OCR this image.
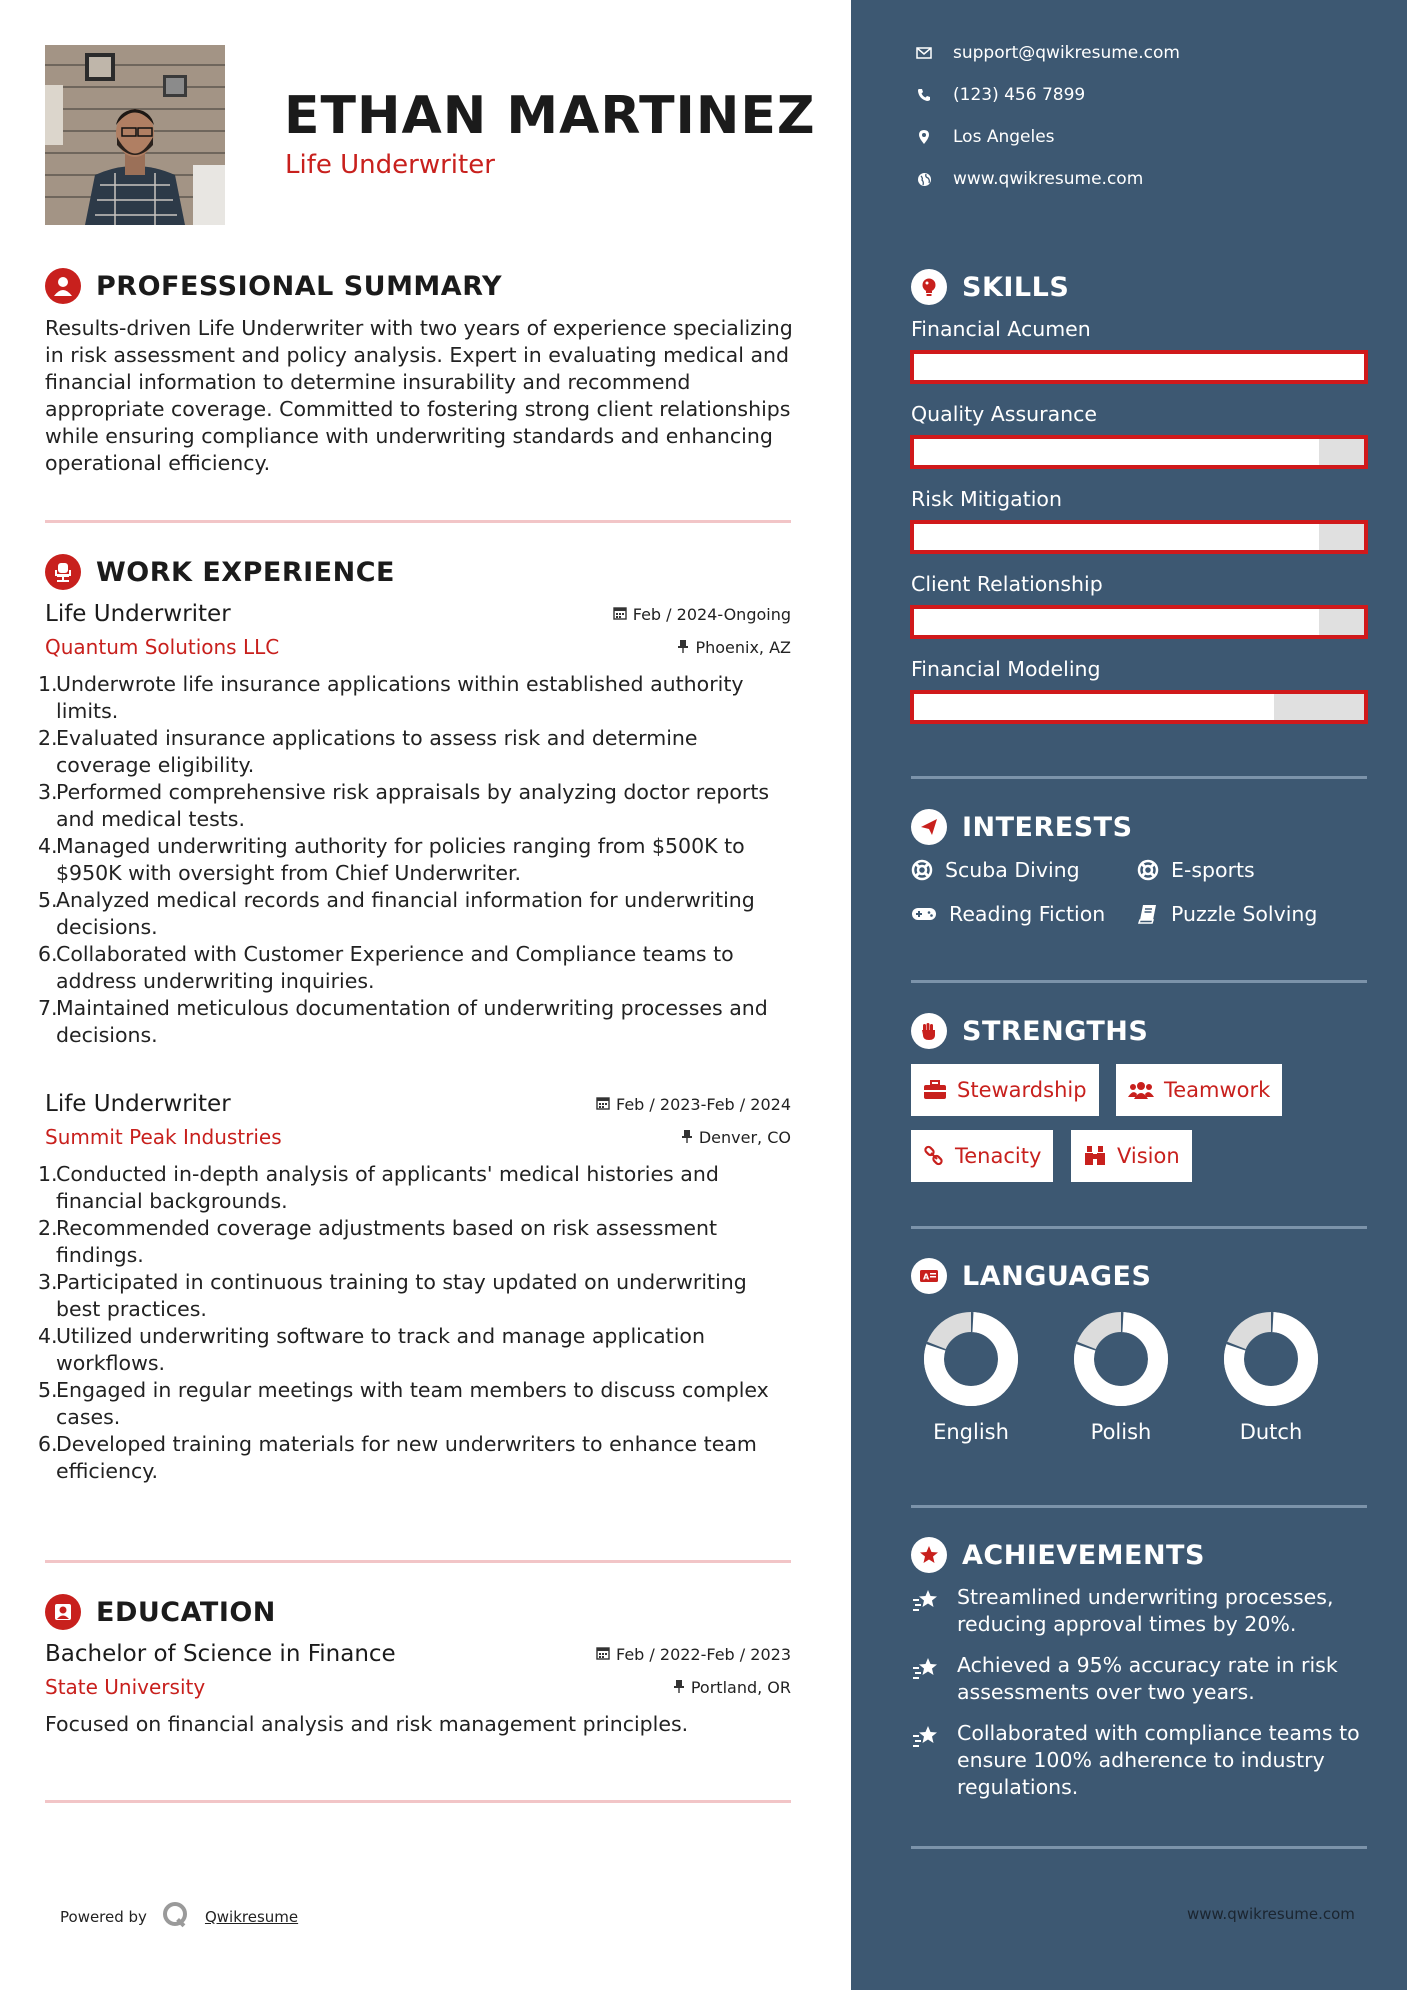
ETHAN MARTINEZ
Life Underwriter
PROFESSIONAL SUMMARY
Results-driven Life Underwriter with two years of experience specializing in risk assessment and policy analysis. Expert in evaluating medical and financial information to determine insurability and recommend appropriate coverage. Committed to fostering strong client relationships while ensuring compliance with underwriting standards and enhancing operational efficiency.
WORK EXPERIENCE
Life Underwriter
Quantum Solutions LLC
Feb / 2024-Ongoing
Phoenix, AZ
1.
Underwrote life insurance applications within established authority limits.
2.
Evaluated insurance applications to assess risk and determine coverage eligibility.
3.
Performed comprehensive risk appraisals by analyzing doctor reports and medical tests.
4.
Managed underwriting authority for policies ranging from $500K to $950K with oversight from Chief Underwriter.
5.
Analyzed medical records and financial information for underwriting decisions.
6.
Collaborated with Customer Experience and Compliance teams to address underwriting inquiries.
7.
Maintained meticulous documentation of underwriting processes and decisions.
Life Underwriter
Summit Peak Industries
Feb / 2023-Feb / 2024
Denver, CO
1.
Conducted in-depth analysis of applicants' medical histories and financial backgrounds.
2.
Recommended coverage adjustments based on risk assessment findings.
3.
Participated in continuous training to stay updated on underwriting best practices.
4.
Utilized underwriting software to track and manage application workflows.
5.
Engaged in regular meetings with team members to discuss complex cases.
6.
Developed training materials for new underwriters to enhance team efficiency.
EDUCATION
Bachelor of Science in Finance
State University
Feb / 2022-Feb / 2023
Portland, OR
Focused on financial analysis and risk management principles.
Powered by	Qwikresume
support@qwikresume.com
(123) 456 7899
Los Angeles
www.qwikresume.com
SKILLS
Financial Acumen
Quality Assurance
Risk Mitigation
Client Relationship
Financial Modeling
INTERESTS
Scuba Diving	E-sports
Reading Fiction	Puzzle Solving
STRENGTHS
Stewardship	Teamwork
Tenacity	Vision
A LANGUAGES
English	Polish	Dutch
ACHIEVEMENTS
Streamlined underwriting processes, reducing approval times by 20%.
Achieved a 95% accuracy rate in risk assessments over two years.
Collaborated with compliance teams to ensure 100% adherence to industry regulations.
www.qwikresume.com
